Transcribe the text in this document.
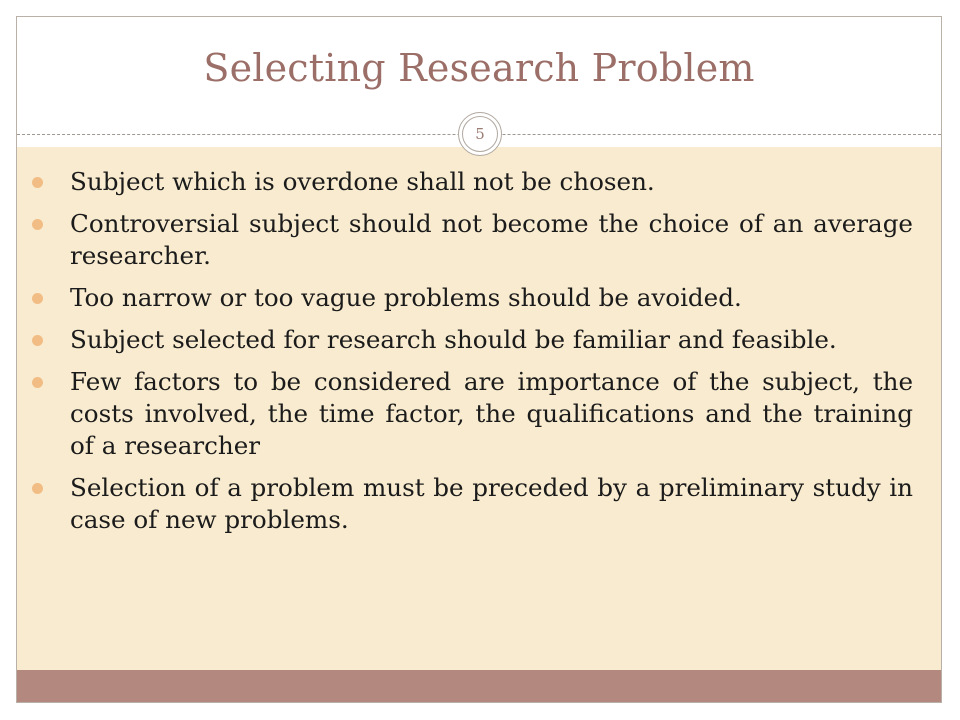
Selecting Research Problem
5
Subject which is overdone shall not be chosen.
Controversial subject should not become the choice of an average researcher.
Too narrow or too vague problems should be avoided.
Subject selected for research should be familiar and feasible.
Few factors to be considered are importance of the subject, the costs involved, the time factor, the qualifications and the training of a researcher
Selection of a problem must be preceded by a preliminary study in case of new problems.
